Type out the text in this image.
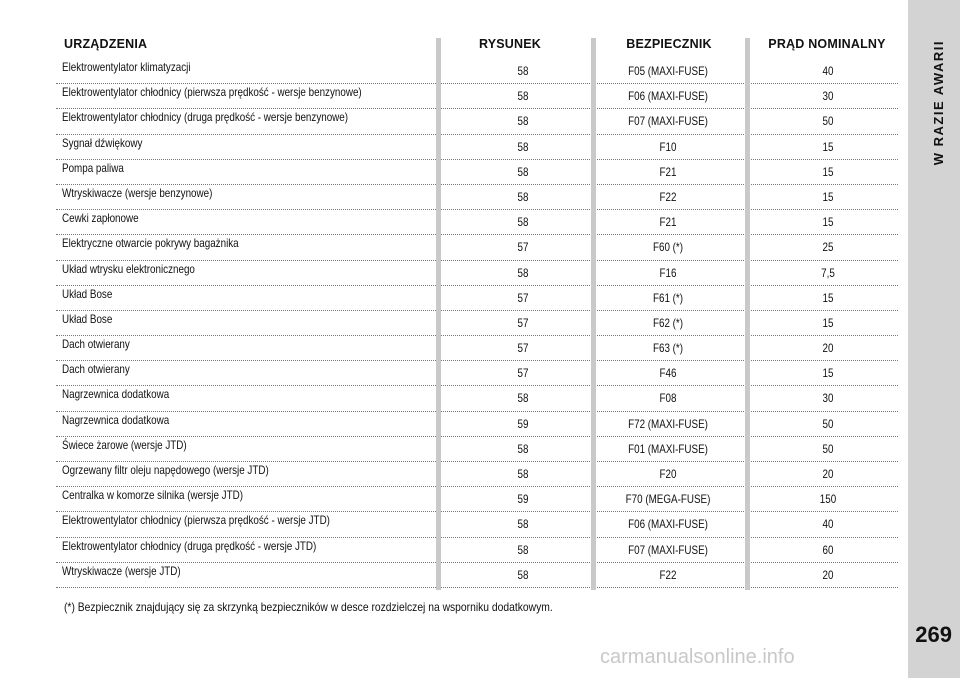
URZĄDZENIA	RYSUNEK	BEZPIECZNIK	PRĄD NOMINALNY
Elektrowentylator klimatyzacji	58	F05 (MAXI-FUSE)	40
Elektrowentylator chłodnicy (pierwsza prędkość - wersje benzynowe)	58	F06 (MAXI-FUSE)	30
Elektrowentylator chłodnicy (druga prędkość - wersje benzynowe)	58	F07 (MAXI-FUSE)	50
Sygnał dźwiękowy	58	F10	15
Pompa paliwa	58	F21	15
Wtryskiwacze (wersje benzynowe)	58	F22	15
Cewki zapłonowe	58	F21	15
Elektryczne otwarcie pokrywy bagażnika	57	F60 (*)	25
Układ wtrysku elektronicznego	58	F16	7,5
Układ Bose	57	F61 (*)	15
Układ Bose	57	F62 (*)	15
Dach otwierany	57	F63 (*)	20
Dach otwierany	57	F46	15
Nagrzewnica dodatkowa	58	F08	30
Nagrzewnica dodatkowa	59	F72 (MAXI-FUSE)	50
Świece żarowe (wersje JTD)	58	F01 (MAXI-FUSE)	50
Ogrzewany filtr oleju napędowego (wersje JTD)	58	F20	20
Centralka w komorze silnika (wersje JTD)	59	F70 (MEGA-FUSE)	150
Elektrowentylator chłodnicy (pierwsza prędkość - wersje JTD)	58	F06 (MAXI-FUSE)	40
Elektrowentylator chłodnicy (druga prędkość - wersje JTD)	58	F07 (MAXI-FUSE)	60
Wtryskiwacze (wersje JTD)	58	F22	20
(*) Bezpiecznik znajdujący się za skrzynką bezpieczników w desce rozdzielczej na wsporniku dodatkowym.
W RAZIE AWARII
269
carmanualsonline.info
